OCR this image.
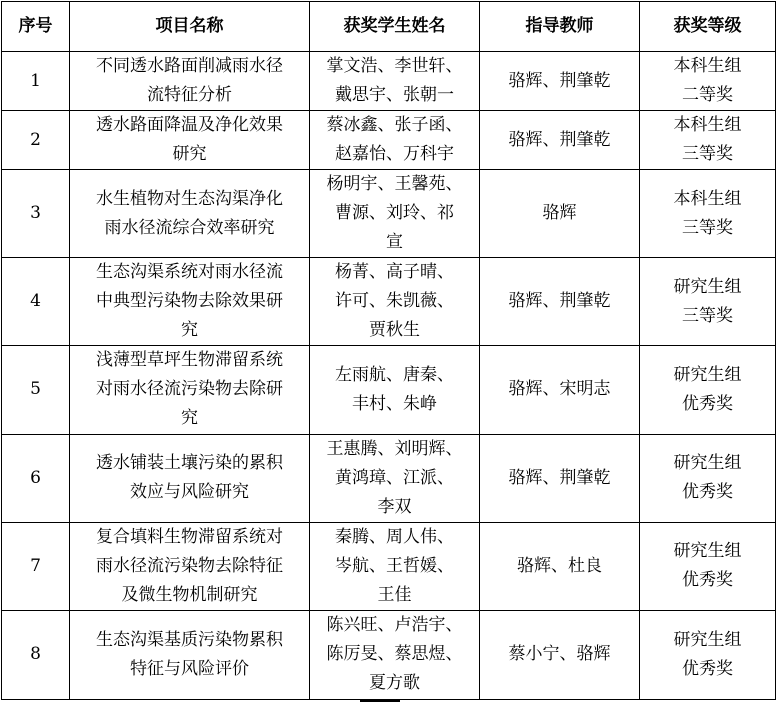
序号	项目名称	获奖学生姓名	指导教师	获奖等级
1	不同透水路面削减雨水径
流特征分析	掌文浩、李世轩、
戴思宇、张朝一	骆辉、荆肇乾	本科生组
二等奖

2	透水路面降温及净化效果
研究	蔡冰鑫、张子函、
赵嘉怡、万科宇	骆辉、荆肇乾	本科生组
三等奖

3	水生植物对生态沟渠净化
雨水径流综合效率研究	杨明宇、王馨苑、
曹源、刘玲、祁
宣	骆辉	本科生组
三等奖

4	生态沟渠系统对雨水径流
中典型污染物去除效果研
究	杨菁、高子晴、
许可、朱凯薇、
贾秋生	骆辉、荆肇乾	研究生组
三等奖

5	浅薄型草坪生物滞留系统
对雨水径流污染物去除研
究	左雨航、唐秦、
丰村、朱峥	骆辉、宋明志	研究生组
优秀奖

6	透水铺装土壤污染的累积
效应与风险研究	王惠腾、刘明辉、
黄鸿璋、江派、
李双	骆辉、荆肇乾	研究生组
优秀奖

7	复合填料生物滞留系统对
雨水径流污染物去除特征
及微生物机制研究	秦腾、周人伟、
岑航、王哲媛、
王佳	骆辉、杜良	研究生组
优秀奖

8	生态沟渠基质污染物累积
特征与风险评价	陈兴旺、卢浩宇、
陈厉旻、蔡思煜、
夏方歌	蔡小宁、骆辉	研究生组
优秀奖
